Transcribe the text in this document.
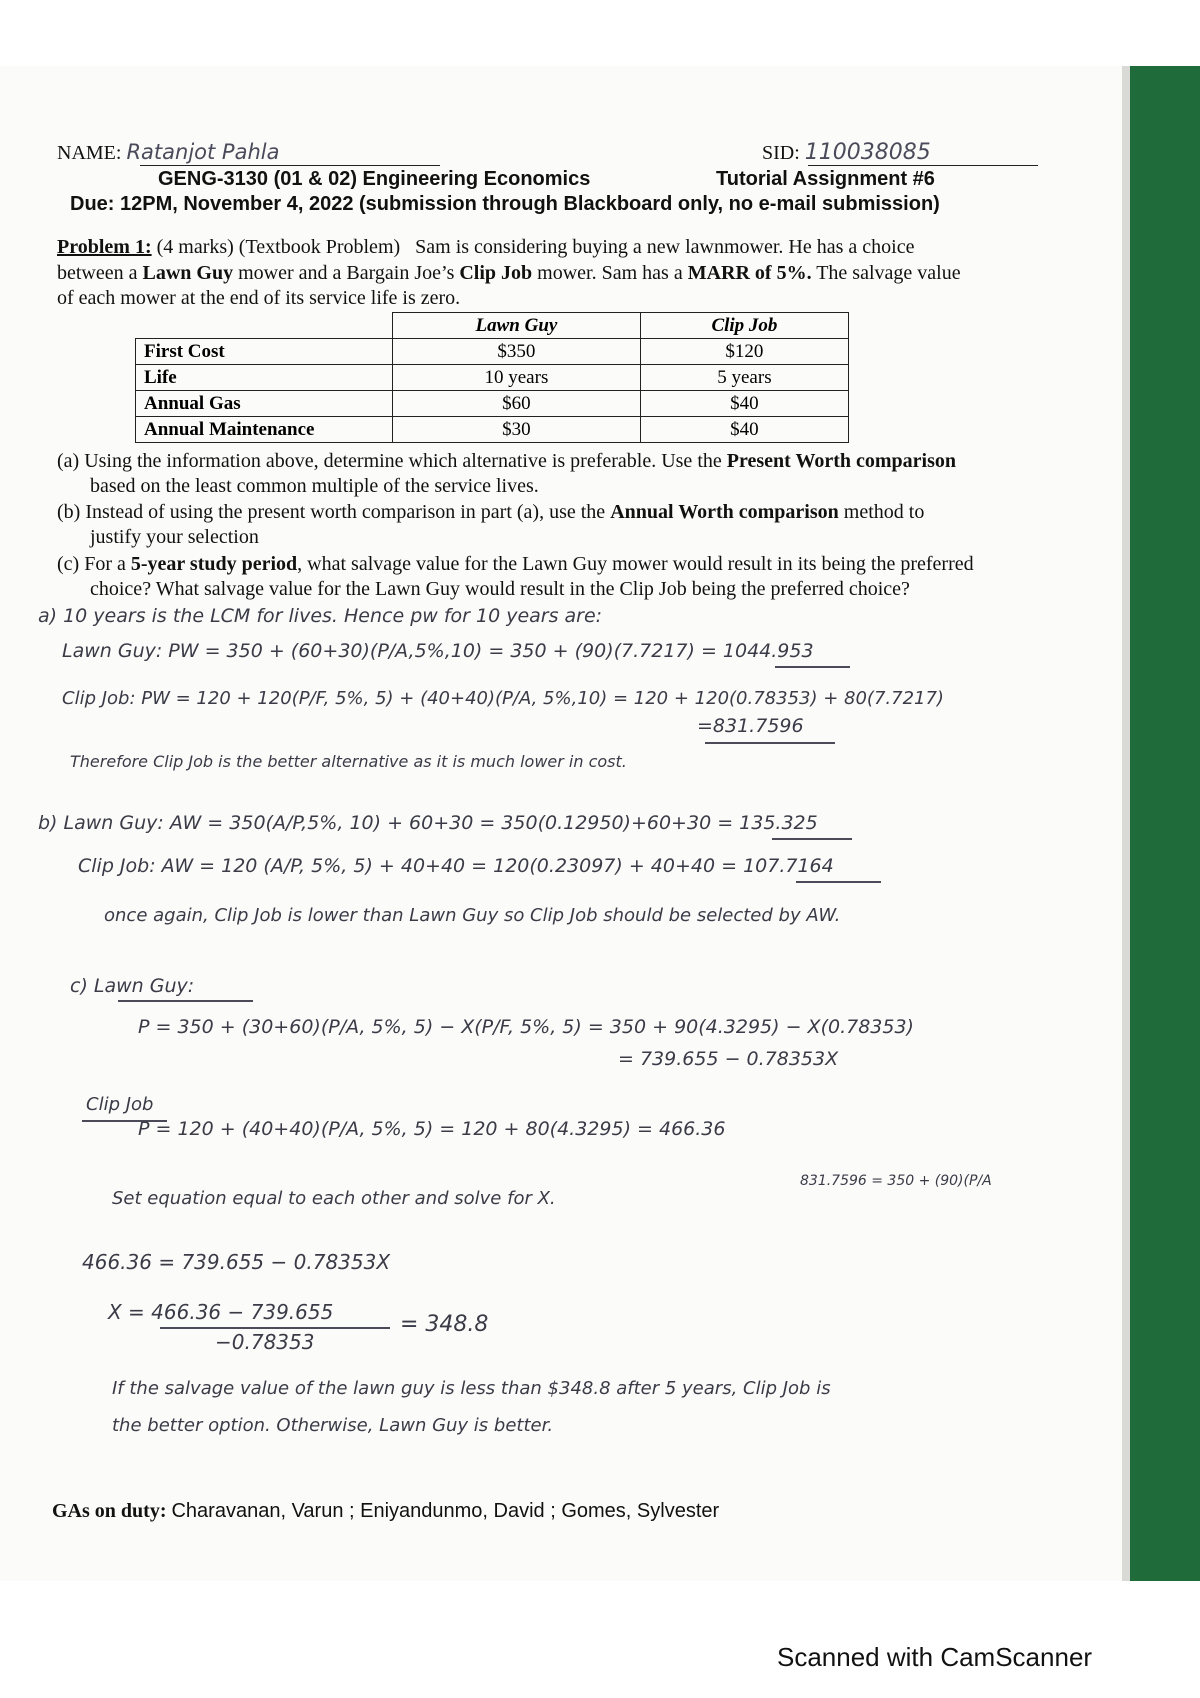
NAME: Ratanjot Pahla	SID: 110038085
GENG-3130 (01 & 02) Engineering Economics	Tutorial Assignment #6
Due: 12PM, November 4, 2022 (submission through Blackboard only, no e-mail submission)
Problem 1: (4 marks) (Textbook Problem) Sam is considering buying a new lawnmower. He has a choice
between a Lawn Guy mower and a Bargain Joe’s Clip Job mower. Sam has a MARR of 5%. The salvage value
of each mower at the end of its service life is zero.
	Lawn Guy	Clip Job
First Cost	$350	$120
Life	10 years	5 years
Annual Gas	$60	$40
Annual Maintenance	$30	$40
(a) Using the information above, determine which alternative is preferable. Use the Present Worth comparison
based on the least common multiple of the service lives.
(b) Instead of using the present worth comparison in part (a), use the Annual Worth comparison method to
justify your selection
(c) For a 5-year study period, what salvage value for the Lawn Guy mower would result in its being the preferred
choice? What salvage value for the Lawn Guy would result in the Clip Job being the preferred choice?
a) 10 years is the LCM for lives. Hence pw for 10 years are:
Lawn Guy: PW = 350 + (60+30)(P/A,5%,10) = 350 + (90)(7.7217) = 1044.953
Clip Job: PW = 120 + 120(P/F, 5%, 5) + (40+40)(P/A, 5%,10) = 120 + 120(0.78353) + 80(7.7217)
=831.7596
Therefore Clip Job is the better alternative as it is much lower in cost.
b) Lawn Guy: AW = 350(A/P,5%, 10) + 60+30 = 350(0.12950)+60+30 = 135.325
Clip Job: AW = 120 (A/P, 5%, 5) + 40+40 = 120(0.23097) + 40+40 = 107.7164
once again, Clip Job is lower than Lawn Guy so Clip Job should be selected by AW.
c) Lawn Guy:
P = 350 + (30+60)(P/A, 5%, 5) − X(P/F, 5%, 5) = 350 + 90(4.3295) − X(0.78353)
= 739.655 − 0.78353X
Clip Job
P = 120 + (40+40)(P/A, 5%, 5) = 120 + 80(4.3295) = 466.36
831.7596 = 350 + (90)(P/A
Set equation equal to each other and solve for X.
466.36 = 739.655 − 0.78353X
X = 466.36 − 739.655
−0.78353
= 348.8
If the salvage value of the lawn guy is less than $348.8 after 5 years, Clip Job is
the better option. Otherwise, Lawn Guy is better.
GAs on duty: Charavanan, Varun ; Eniyandunmo, David ; Gomes, Sylvester
Scanned with CamScanner
